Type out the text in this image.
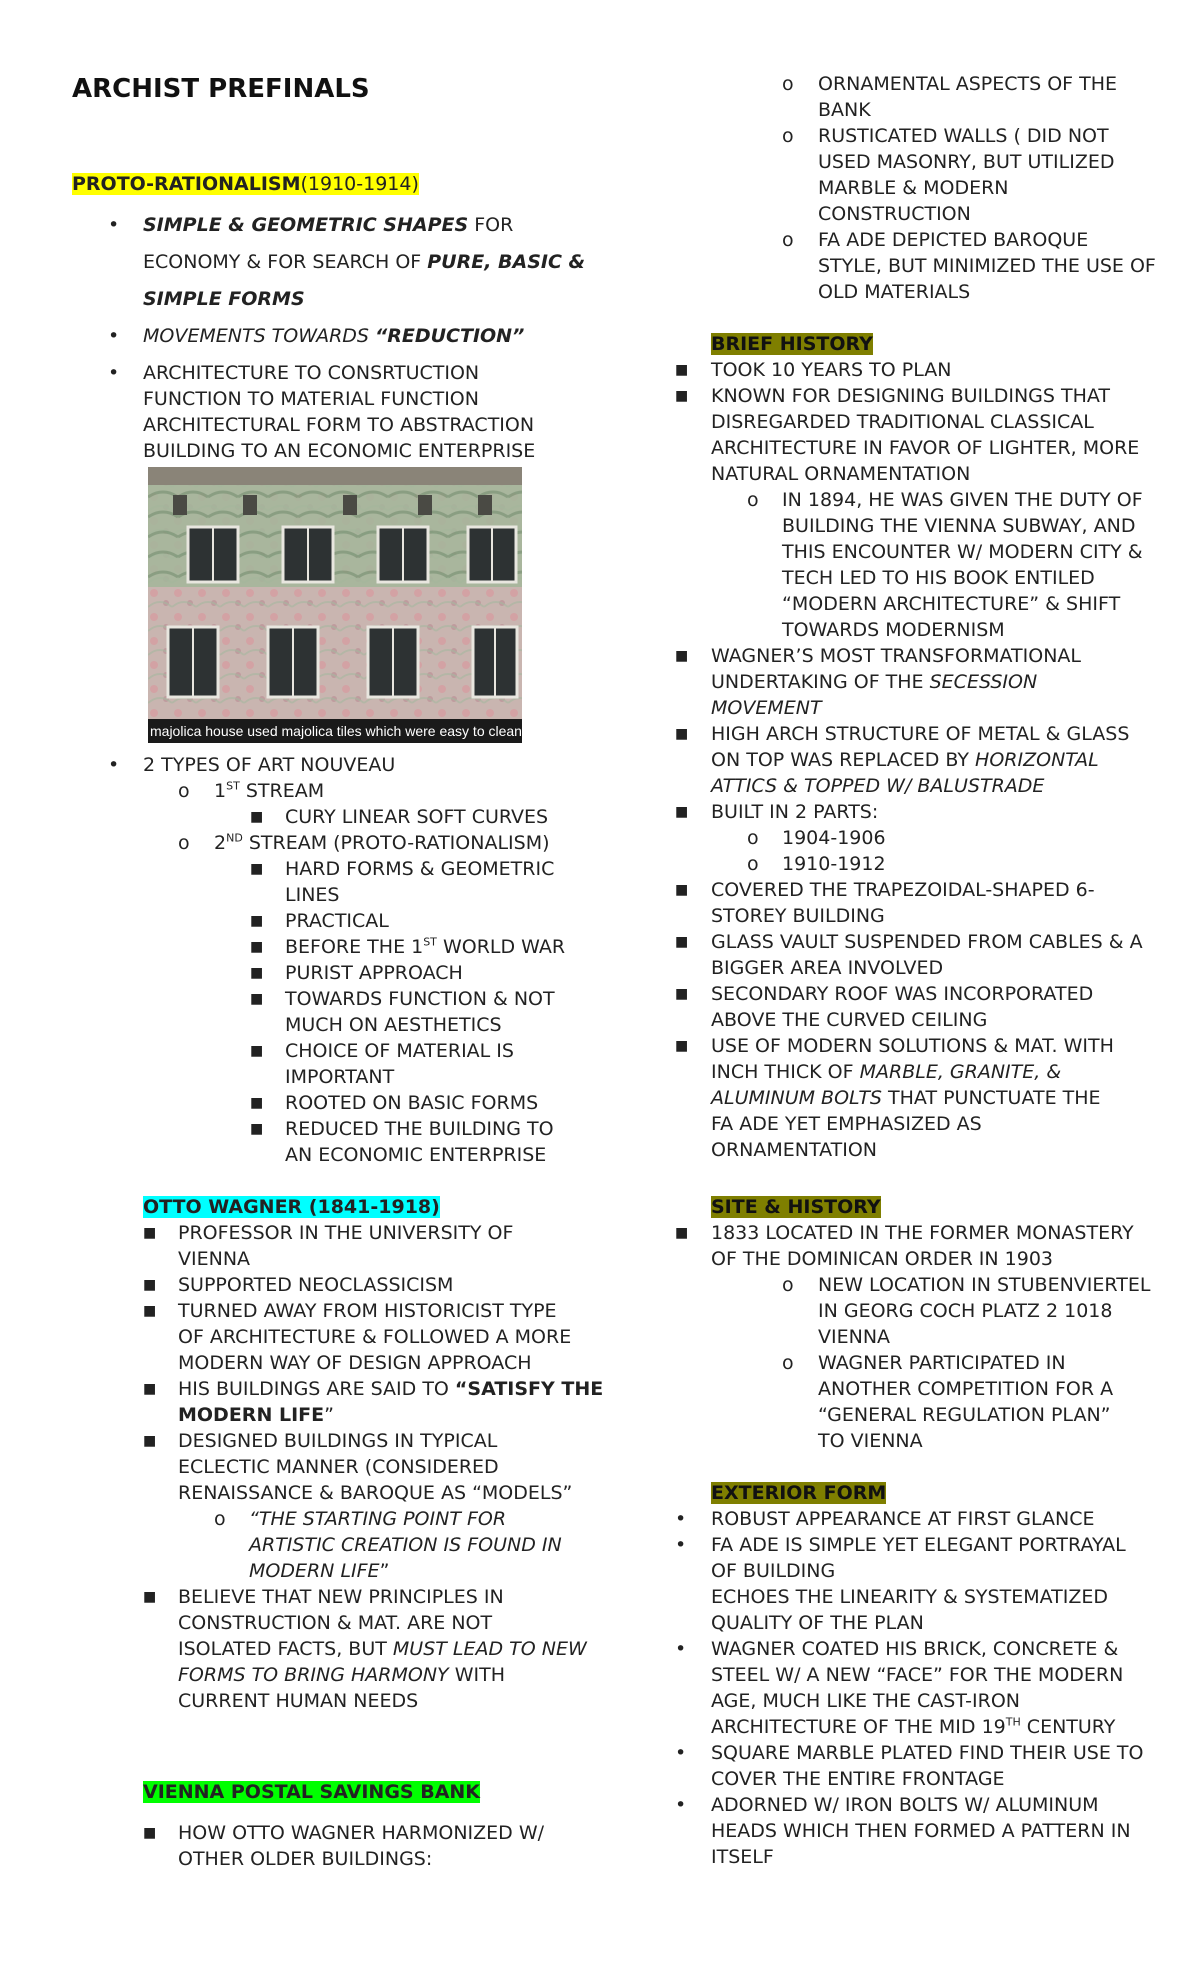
ARCHIST PREFINALS
PROTO-RATIONALISM(1910-1914)
• SIMPLE & GEOMETRIC SHAPES FOR
ECONOMY & FOR SEARCH OF PURE, BASIC &
SIMPLE FORMS
• MOVEMENTS TOWARDS “REDUCTION”
• ARCHITECTURE TO CONSRTUCTION
FUNCTION TO MATERIAL FUNCTION
ARCHITECTURAL FORM TO ABSTRACTION
BUILDING TO AN ECONOMIC ENTERPRISE
majolica house used majolica tiles which were easy to clean
• 2 TYPES OF ART NOUVEAU
o 1ST STREAM
■ CURY LINEAR SOFT CURVES
o 2ND STREAM (PROTO-RATIONALISM)
■ HARD FORMS & GEOMETRIC
LINES
■ PRACTICAL
■ BEFORE THE 1ST WORLD WAR
■ PURIST APPROACH
■ TOWARDS FUNCTION & NOT
MUCH ON AESTHETICS
■ CHOICE OF MATERIAL IS
IMPORTANT
■ ROOTED ON BASIC FORMS
■ REDUCED THE BUILDING TO
AN ECONOMIC ENTERPRISE
OTTO WAGNER (1841-1918)
■ PROFESSOR IN THE UNIVERSITY OF
VIENNA
■ SUPPORTED NEOCLASSICISM
■ TURNED AWAY FROM HISTORICIST TYPE
OF ARCHITECTURE & FOLLOWED A MORE
MODERN WAY OF DESIGN APPROACH
■ HIS BUILDINGS ARE SAID TO “SATISFY THE
MODERN LIFE”
■ DESIGNED BUILDINGS IN TYPICAL
ECLECTIC MANNER (CONSIDERED
RENAISSANCE & BAROQUE AS “MODELS”
o “THE STARTING POINT FOR
ARTISTIC CREATION IS FOUND IN
MODERN LIFE”
■ BELIEVE THAT NEW PRINCIPLES IN
CONSTRUCTION & MAT. ARE NOT
ISOLATED FACTS, BUT MUST LEAD TO NEW
FORMS TO BRING HARMONY WITH
CURRENT HUMAN NEEDS
VIENNA POSTAL SAVINGS BANK
■ HOW OTTO WAGNER HARMONIZED W/
OTHER OLDER BUILDINGS:
o ORNAMENTAL ASPECTS OF THE
BANK
o RUSTICATED WALLS ( DID NOT
USED MASONRY, BUT UTILIZED
MARBLE & MODERN
CONSTRUCTION
o FA ADE DEPICTED BAROQUE
STYLE, BUT MINIMIZED THE USE OF
OLD MATERIALS
BRIEF HISTORY
■ TOOK 10 YEARS TO PLAN
■ KNOWN FOR DESIGNING BUILDINGS THAT
DISREGARDED TRADITIONAL CLASSICAL
ARCHITECTURE IN FAVOR OF LIGHTER, MORE
NATURAL ORNAMENTATION
o IN 1894, HE WAS GIVEN THE DUTY OF
BUILDING THE VIENNA SUBWAY, AND
THIS ENCOUNTER W/ MODERN CITY &
TECH LED TO HIS BOOK ENTILED
“MODERN ARCHITECTURE” & SHIFT
TOWARDS MODERNISM
■ WAGNER’S MOST TRANSFORMATIONAL
UNDERTAKING OF THE SECESSION
MOVEMENT
■ HIGH ARCH STRUCTURE OF METAL & GLASS
ON TOP WAS REPLACED BY HORIZONTAL
ATTICS & TOPPED W/ BALUSTRADE
■ BUILT IN 2 PARTS:
o 1904-1906
o 1910-1912
■ COVERED THE TRAPEZOIDAL-SHAPED 6-
STOREY BUILDING
■ GLASS VAULT SUSPENDED FROM CABLES & A
BIGGER AREA INVOLVED
■ SECONDARY ROOF WAS INCORPORATED
ABOVE THE CURVED CEILING
■ USE OF MODERN SOLUTIONS & MAT. WITH
INCH THICK OF MARBLE, GRANITE, &
ALUMINUM BOLTS THAT PUNCTUATE THE
FA ADE YET EMPHASIZED AS
ORNAMENTATION
SITE & HISTORY
■ 1833 LOCATED IN THE FORMER MONASTERY
OF THE DOMINICAN ORDER IN 1903
o NEW LOCATION IN STUBENVIERTEL
IN GEORG COCH PLATZ 2 1018
VIENNA
o WAGNER PARTICIPATED IN
ANOTHER COMPETITION FOR A
“GENERAL REGULATION PLAN”
TO VIENNA
EXTERIOR FORM
• ROBUST APPEARANCE AT FIRST GLANCE
• FA ADE IS SIMPLE YET ELEGANT PORTRAYAL
OF BUILDING
ECHOES THE LINEARITY & SYSTEMATIZED
QUALITY OF THE PLAN
• WAGNER COATED HIS BRICK, CONCRETE &
STEEL W/ A NEW “FACE” FOR THE MODERN
AGE, MUCH LIKE THE CAST-IRON
ARCHITECTURE OF THE MID 19TH CENTURY
• SQUARE MARBLE PLATED FIND THEIR USE TO
COVER THE ENTIRE FRONTAGE
• ADORNED W/ IRON BOLTS W/ ALUMINUM
HEADS WHICH THEN FORMED A PATTERN IN
ITSELF
